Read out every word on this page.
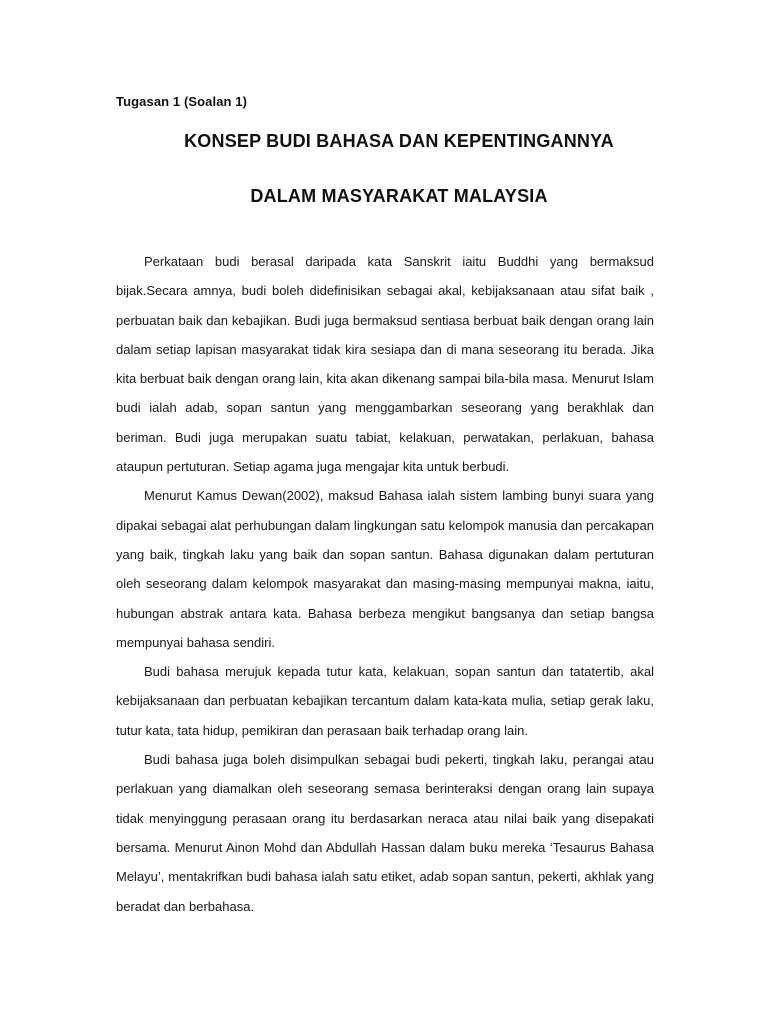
Tugasan 1 (Soalan 1)
KONSEP BUDI BAHASA DAN KEPENTINGANNYA
DALAM MASYARAKAT MALAYSIA

Perkataan budi berasal daripada kata Sanskrit iaitu Buddhi yang bermaksud bijak.Secara amnya, budi boleh didefinisikan sebagai akal, kebijaksanaan atau sifat baik , perbuatan baik dan kebajikan. Budi juga bermaksud sentiasa berbuat baik dengan orang lain dalam setiap lapisan masyarakat tidak kira sesiapa dan di mana seseorang itu berada. Jika kita berbuat baik dengan orang lain, kita akan dikenang sampai bila-bila masa. Menurut Islam budi ialah adab, sopan santun yang menggambarkan seseorang yang berakhlak dan beriman. Budi juga merupakan suatu tabiat, kelakuan, perwatakan, perlakuan, bahasa ataupun pertuturan. Setiap agama juga mengajar kita untuk berbudi.

Menurut Kamus Dewan(2002), maksud Bahasa ialah sistem lambing bunyi suara yang dipakai sebagai alat perhubungan dalam lingkungan satu kelompok manusia dan percakapan yang baik, tingkah laku yang baik dan sopan santun. Bahasa digunakan dalam pertuturan oleh seseorang dalam kelompok masyarakat dan masing-masing mempunyai makna, iaitu, hubungan abstrak antara kata. Bahasa berbeza mengikut bangsanya dan setiap bangsa mempunyai bahasa sendiri.

Budi bahasa merujuk kepada tutur kata, kelakuan, sopan santun dan tatatertib, akal kebijaksanaan dan perbuatan kebajikan tercantum dalam kata-kata mulia, setiap gerak laku, tutur kata, tata hidup, pemikiran dan perasaan baik terhadap orang lain.

Budi bahasa juga boleh disimpulkan sebagai budi pekerti, tingkah laku, perangai atau perlakuan yang diamalkan oleh seseorang semasa berinteraksi dengan orang lain supaya tidak menyinggung perasaan orang itu berdasarkan neraca atau nilai baik yang disepakati bersama. Menurut Ainon Mohd dan Abdullah Hassan dalam buku mereka ‘Tesaurus Bahasa Melayu’, mentakrifkan budi bahasa ialah satu etiket, adab sopan santun, pekerti, akhlak yang beradat dan berbahasa.
